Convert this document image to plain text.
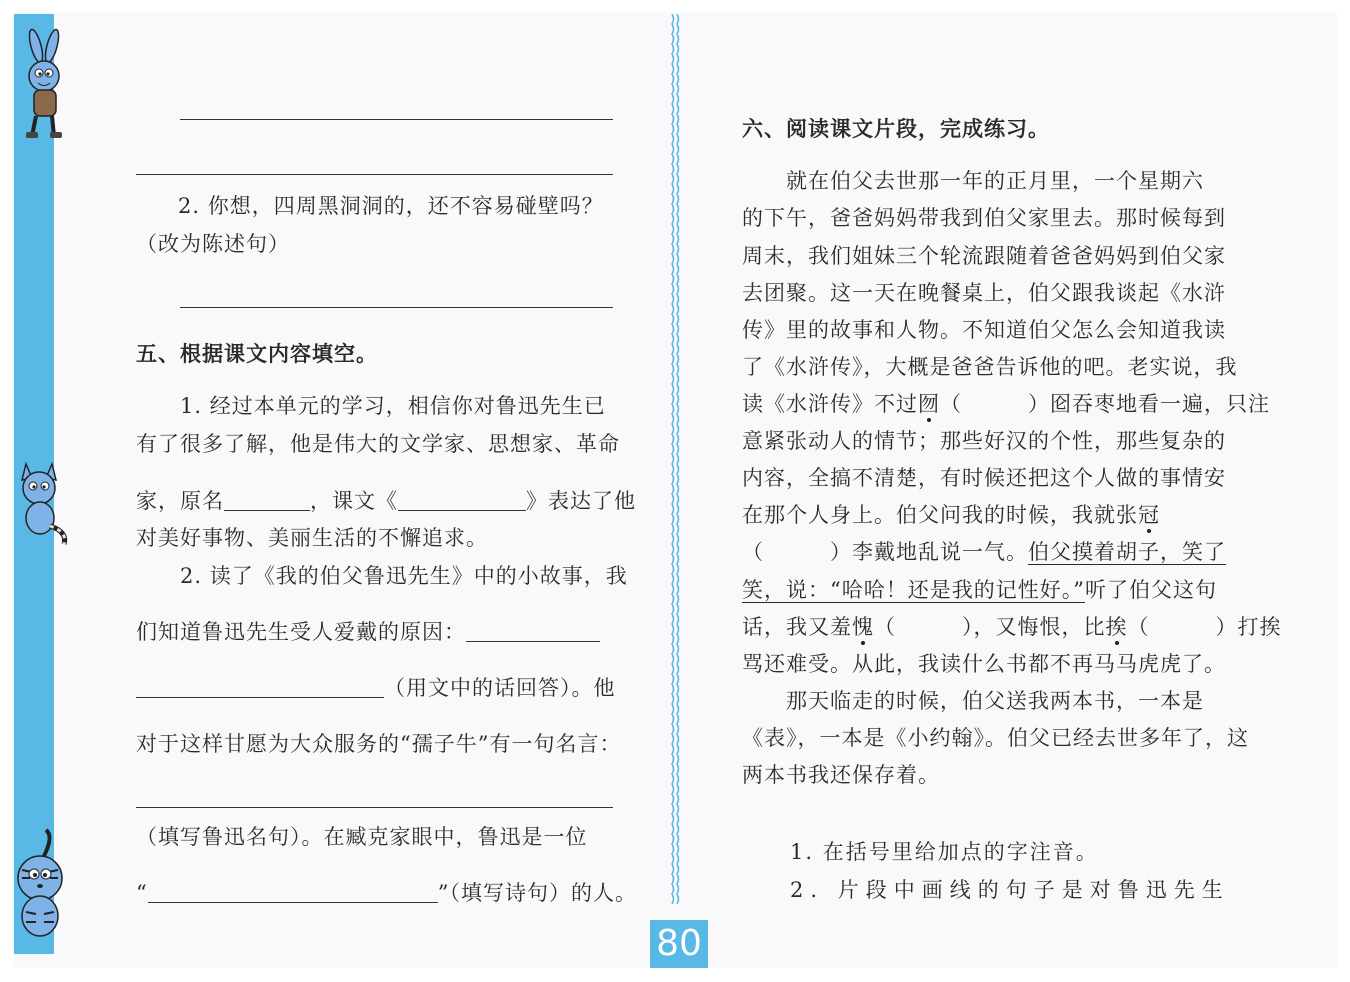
2. 你想，四周黑洞洞的，还不容易碰壁吗？
（改为陈述句）
五、根据课文内容填空。
1. 经过本单元的学习，相信你对鲁迅先生已
有了很多了解，他是伟大的文学家、思想家、革命
家，原名	，课文《	》表达了他
对美好事物、美丽生活的不懈追求。
2. 读了《我的伯父鲁迅先生》中的小故事，我
们知道鲁迅先生受人爱戴的原因：
（用文中的话回答）。他
对于这样甘愿为大众服务的“孺子牛”有一句名言：
（填写鲁迅名句）。在臧克家眼中，鲁迅是一位
“	”（填写诗句）的人。
六、阅读课文片段，完成练习。
就在伯父去世那一年的正月里，一个星期六
的下午，爸爸妈妈带我到伯父家里去。那时候每到
周末，我们姐妹三个轮流跟随着爸爸妈妈到伯父家
去团聚。这一天在晚餐桌上，伯父跟我谈起《水浒
传》里的故事和人物。不知道伯父怎么会知道我读
了《水浒传》，大概是爸爸告诉他的吧。老实说，我
读《水浒传》不过囫（　　　）囵吞枣地看一遍，只注
意紧张动人的情节；那些好汉的个性，那些复杂的
内容，全搞不清楚，有时候还把这个人做的事情安
在那个人身上。伯父问我的时候，我就张冠
（　　　）李戴地乱说一气。伯父摸着胡子，笑了
笑，说：“哈哈！还是我的记性好。”听了伯父这句
话，我又羞愧（　　　），又悔恨，比挨（　　　）打挨
骂还难受。从此，我读什么书都不再马马虎虎了。
那天临走的时候，伯父送我两本书，一本是
《表》，一本是《小约翰》。伯父已经去世多年了，这
两本书我还保存着。
1. 在括号里给加点的字注音。
2. 片段中画线的句子是对鲁迅先生
80
